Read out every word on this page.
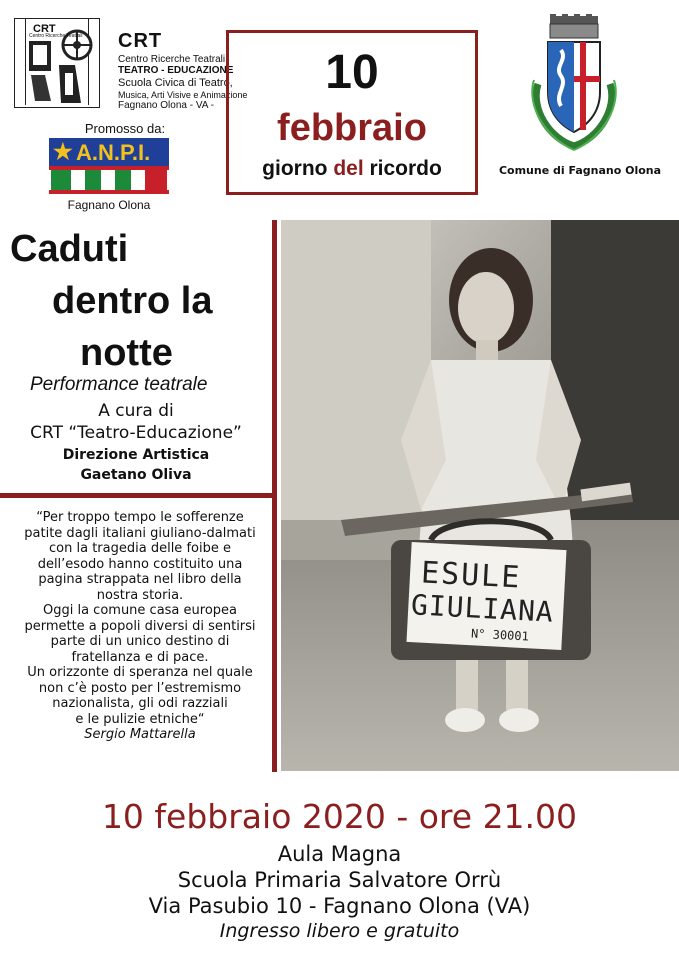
CRT
Centro Ricerche Teatrali CRT
Centro Ricerche Teatrali
TEATRO - EDUCAZIONE
Scuola Civica di Teatro,
Musica, Arti Visive e Animazione
Fagnano Olona - VA -
Promosso da:
★ A.N.P.I.
Fagnano Olona
10
febbraio
giorno del ricordo	Comune di Fagnano Olona
Caduti
dentro la
notte
Performance teatrale
A cura di
CRT “Teatro-Educazione”
Direzione Artistica
Gaetano Oliva

“Per troppo tempo le sofferenze

patite dagli italiani giuliano-dalmati

con la tragedia delle foibe e

dell’esodo hanno costituito una

pagina strappata nel libro della

nostra storia.

Oggi la comune casa europea

permette a popoli diversi di sentirsi

parte di un unico destino di

fratellanza e di pace.

Un orizzonte di speranza nel quale

non c’è posto per l’estremismo

nazionalista, gli odi razziali

e le pulizie etniche“

Sergio Mattarella

ESULE
GIULIANA
N° 30001
10 febbraio 2020 - ore 21.00
Aula Magna
Scuola Primaria Salvatore Orrù
Via Pasubio 10 - Fagnano Olona (VA)
Ingresso libero e gratuito
